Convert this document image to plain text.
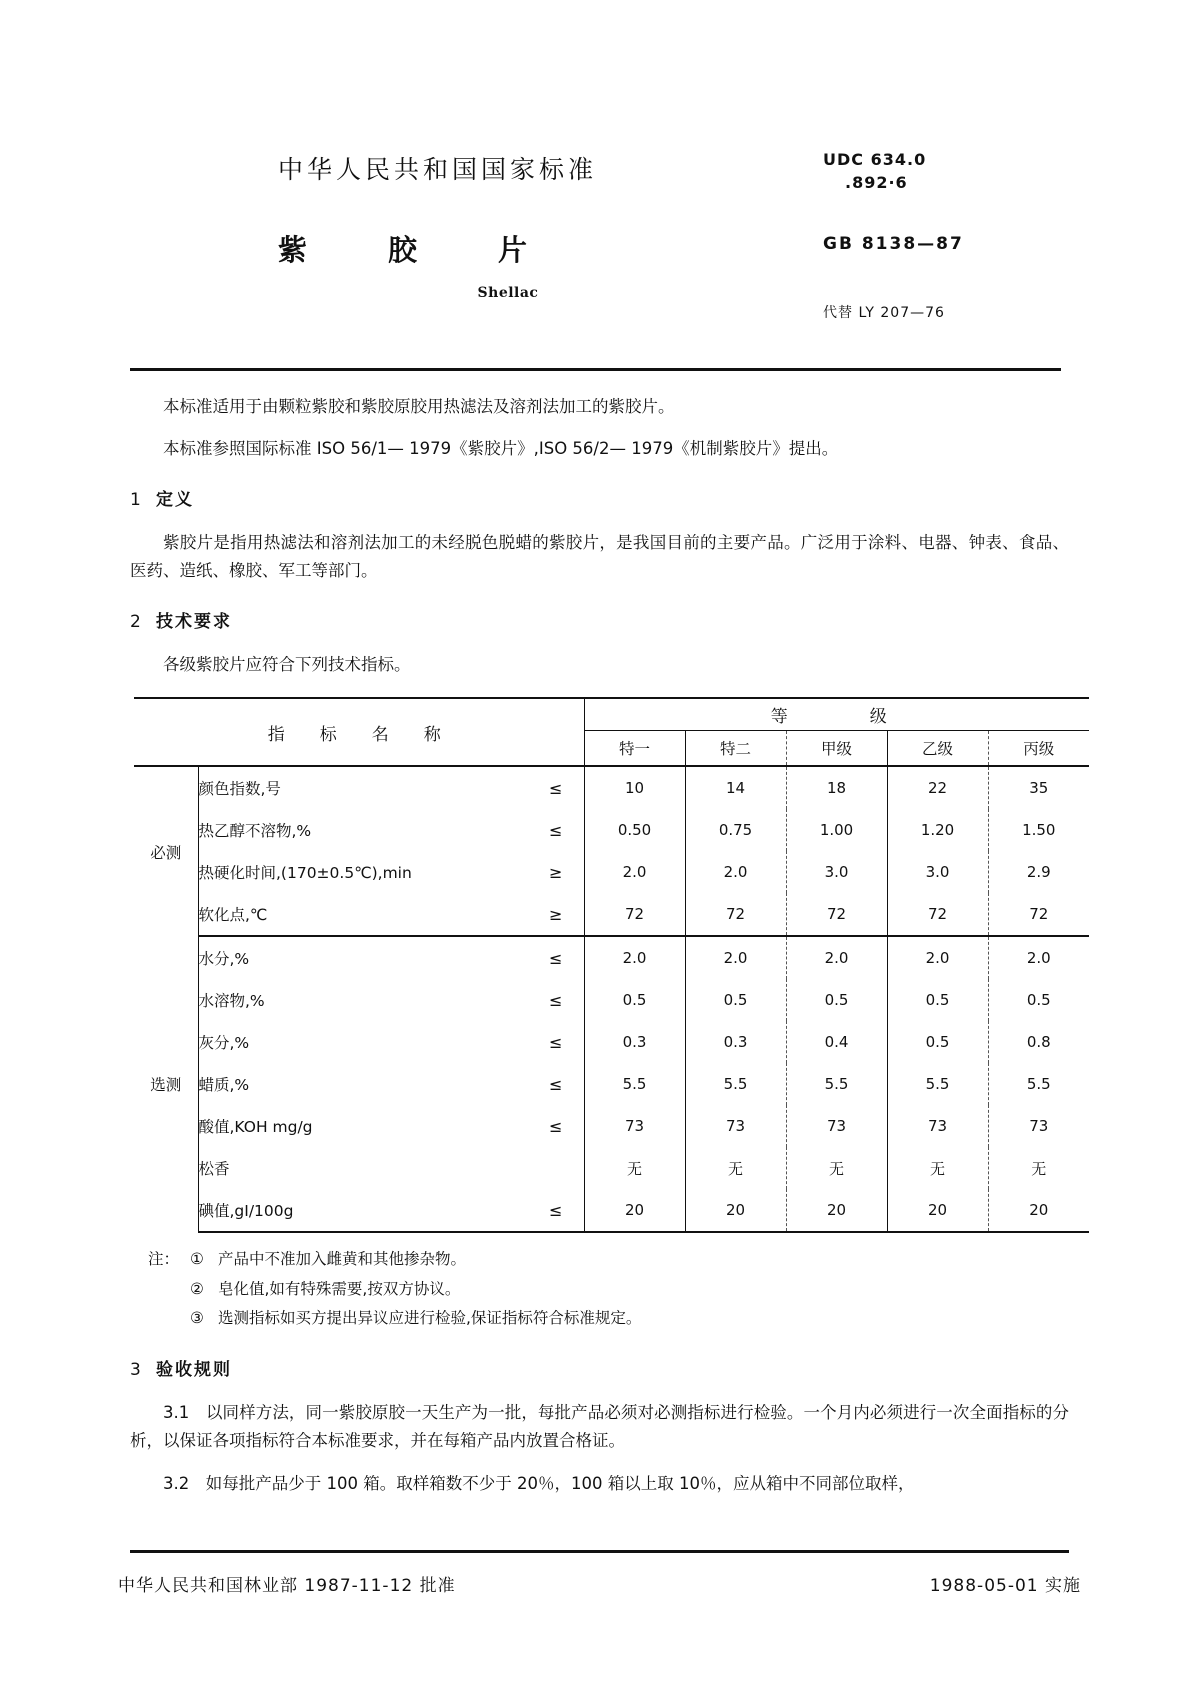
中华人民共和国国家标准
紫　胶　片
Shellac
UDC 634.0
.892·6
GB 8138—87
代替 LY 207—76

本标准适用于由颗粒紫胶和紫胶原胶用热滤法及溶剂法加工的紫胶片。

本标准参照国际标准 ISO 56/1— 1979《紫胶片》,ISO 56/2— 1979《机制紫胶片》提出。

1 定义

紫胶片是指用热滤法和溶剂法加工的未经脱色脱蜡的紫胶片，是我国目前的主要产品。广泛用于涂料、电器、钟表、食品、医药、造纸、橡胶、军工等部门。

2 技术要求

各级紫胶片应符合下列技术指标。

指　标　名　称			等　　级				
			特一	特二	甲级	乙级	丙级
必测	颜色指数,号	≤	10	14	18	22	35
	热乙醇不溶物,%	≤	0.50	0.75	1.00	1.20	1.50
	热硬化时间,(170±0.5℃),min	≥	2.0	2.0	3.0	3.0	2.9
	软化点,℃	≥	72	72	72	72	72
选测	水分,%	≤	2.0	2.0	2.0	2.0	2.0
	水溶物,%	≤	0.5	0.5	0.5	0.5	0.5
	灰分,%	≤	0.3	0.3	0.4	0.5	0.8
	蜡质,%	≤	5.5	5.5	5.5	5.5	5.5
	酸值,KOH mg/g	≤	73	73	73	73	73
	松香		无	无	无	无	无
	碘值,gI/100g	≤	20	20	20	20	20
注： ① 产品中不准加入雌黄和其他掺杂物。
② 皂化值,如有特殊需要,按双方协议。
③ 选测指标如买方提出异议应进行检验,保证指标符合标准规定。

3 验收规则

3.1　以同样方法，同一紫胶原胶一天生产为一批，每批产品必须对必测指标进行检验。一个月内必须进行一次全面指标的分析，以保证各项指标符合本标准要求，并在每箱产品内放置合格证。

3.2　如每批产品少于 100 箱。取样箱数不少于 20％，100 箱以上取 10％，应从箱中不同部位取样，

中华人民共和国林业部 1987-11-12 批准	1988-05-01 实施
